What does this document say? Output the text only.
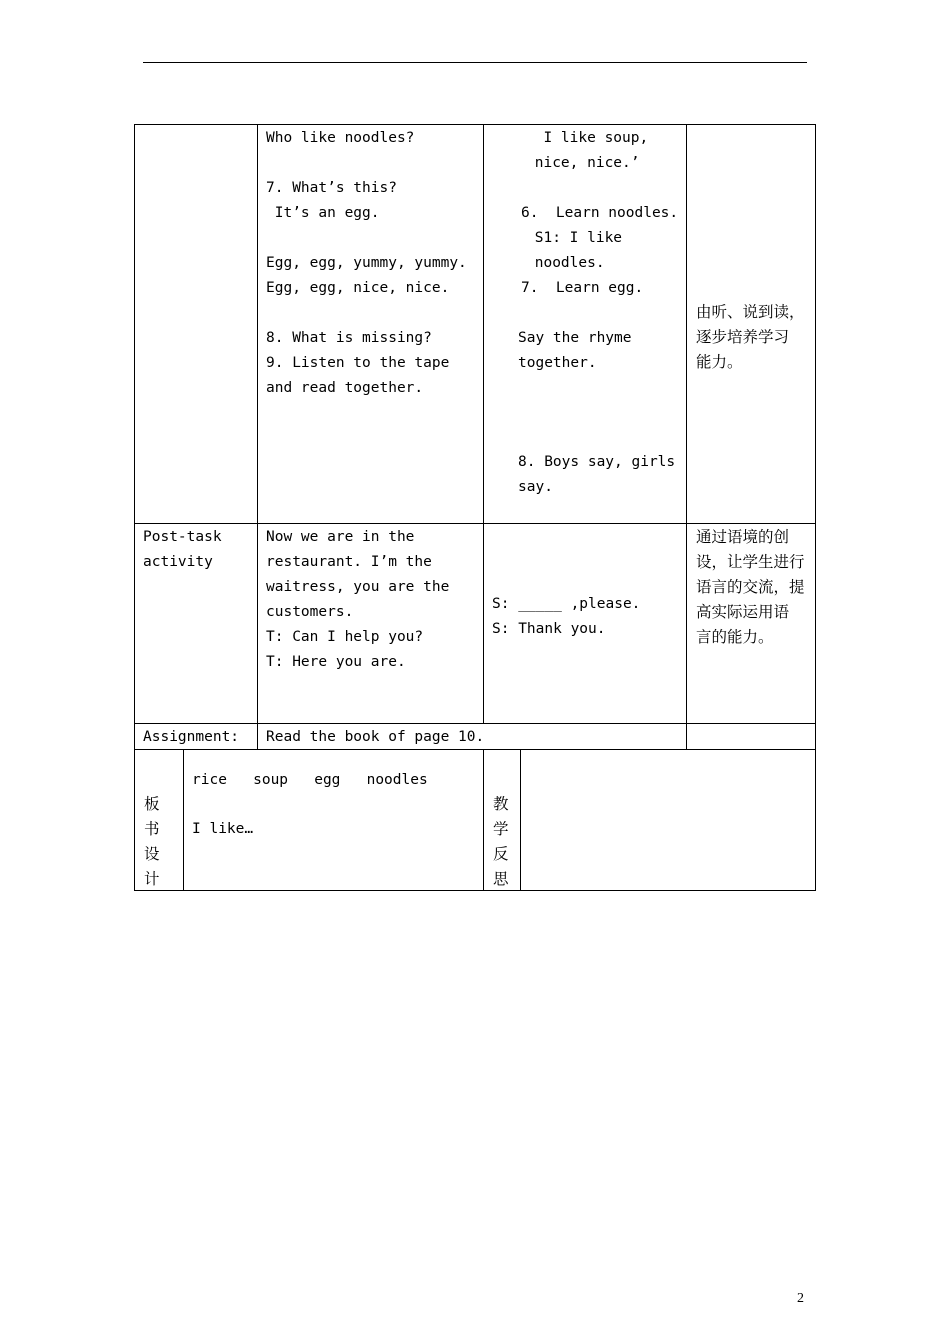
Who like noodles?
7. What’s this?
It’s an egg.
Egg, egg, yummy, yummy.
Egg, egg, nice, nice.
8. What is missing?
9. Listen to the tape
and read together.
I like soup,
nice, nice.’
6.  Learn noodles.
S1: I like
noodles.
7.  Learn egg.
Say the rhyme
together.
8. Boys say, girls
say.
由听、说到读，
逐步培养学习
能力。
Post-task
activity
Now we are in the
restaurant. I’m the
waitress, you are the
customers.
T: Can I help you?
T: Here you are.
S: _____ ,please.
S: Thank you.
通过语境的创
设，让学生进行
语言的交流，提
高实际运用语
言的能力。
Assignment: Read the book of page 10.
板
书
设
计
rice   soup   egg   noodles
I like…
教
学
反
思
2
